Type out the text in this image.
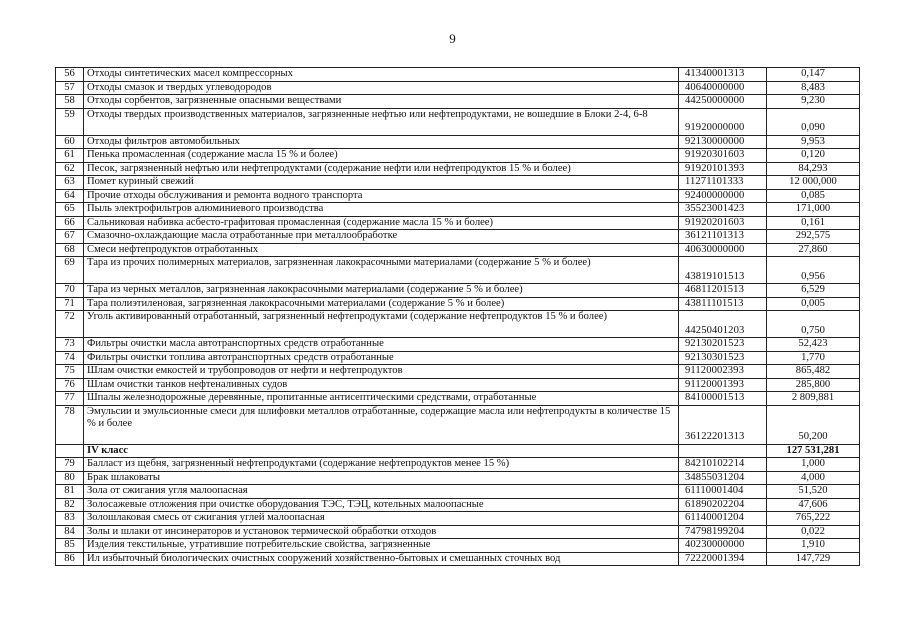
9
56	Отходы синтетических масел компрессорных	41340001313	0,147
57	Отходы смазок и твердых углеводородов	40640000000	8,483
58	Отходы сорбентов, загрязненные опасными веществами	44250000000	9,230
59	Отходы твердых производственных материалов, загрязненные нефтью или нефтепродуктами, не вошедшие в Блоки 2-4, 6-8	91920000000	0,090
60	Отходы фильтров автомобильных	92130000000	9,953
61	Пенька промасленная (содержание масла 15 % и более)	91920301603	0,120
62	Песок, загрязненный нефтью или нефтепродуктами (содержание нефти или нефтепродуктов 15 % и более)	91920101393	84,293
63	Помет куриный свежий	11271101333	12 000,000
64	Прочие отходы обслуживания и ремонта водного транспорта	92400000000	0,085
65	Пыль электрофильтров алюминиевого производства	35523001423	171,000
66	Сальниковая набивка асбесто-графитовая промасленная (содержание масла 15 % и более)	91920201603	0,161
67	Смазочно-охлаждающие масла отработанные при металлообработке	36121101313	292,575
68	Смеси нефтепродуктов отработанных	40630000000	27,860
69	Тара из прочих полимерных материалов, загрязненная лакокрасочными материалами (содержание 5 % и более)	43819101513	0,956
70	Тара из черных металлов, загрязненная лакокрасочными материалами (содержание 5 % и более)	46811201513	6,529
71	Тара полиэтиленовая, загрязненная лакокрасочными материалами (содержание 5 % и более)	43811101513	0,005
72	Уголь активированный отработанный, загрязненный нефтепродуктами (содержание нефтепродуктов 15 % и более)	44250401203	0,750
73	Фильтры очистки масла автотранспортных средств отработанные	92130201523	52,423
74	Фильтры очистки топлива автотранспортных средств отработанные	92130301523	1,770
75	Шлам очистки емкостей и трубопроводов от нефти и нефтепродуктов	91120002393	865,482
76	Шлам очистки танков нефтеналивных судов	91120001393	285,800
77	Шпалы железнодорожные деревянные, пропитанные антисептическими средствами, отработанные	84100001513	2 809,881
78	Эмульсии и эмульсионные смеси для шлифовки металлов отработанные, содержащие масла или нефтепродукты в количестве 15 % и более	36122201313	50,200
	IV класс		127 531,281
79	Балласт из щебня, загрязненный нефтепродуктами (содержание нефтепродуктов менее 15 %)	84210102214	1,000
80	Брак шлаковаты	34855031204	4,000
81	Зола от сжигания угля малоопасная	61110001404	51,520
82	Золосажевые отложения при очистке оборудования ТЭС, ТЭЦ, котельных малоопасные	61890202204	47,606
83	Золошлаковая смесь от сжигания углей малоопасная	61140001204	765,222
84	Золы и шлаки от инсинераторов и установок термической обработки отходов	74798199204	0,022
85	Изделия текстильные, утратившие потребительские свойства, загрязненные	40230000000	1,910
86	Ил избыточный биологических очистных сооружений хозяйственно-бытовых и смешанных сточных вод	72220001394	147,729
